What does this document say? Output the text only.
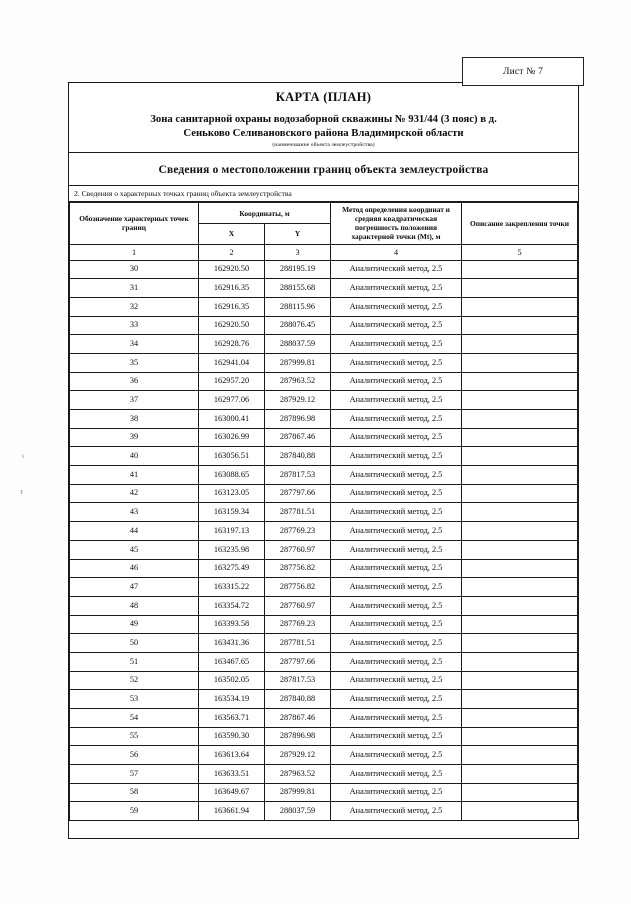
Лист № 7
КАРТА (ПЛАН)
Зона санитарной охраны водозаборной скважины № 931/44 (3 пояс) в д.
Сеньково Селивановского района Владимирской области
(наименование объекта землеустройства)
Сведения о местоположении границ объекта землеустройства
2. Сведения о характерных точках границ объекта землеустройства
Обозначение характерных точек границ	Координаты, м		Метод определения координат и средняя квадратическая погрешность положения характерной точки (Mt), м	Описание закрепления точки
	X	Y		
1	2	3	4	5
30	162920.50	288195.19	Аналитический метод, 2.5	
31	162916.35	288155.68	Аналитический метод, 2.5	
32	162916.35	288115.96	Аналитический метод, 2.5	
33	162920.50	288076.45	Аналитический метод, 2.5	
34	162928.76	288037.59	Аналитический метод, 2.5	
35	162941.04	287999.81	Аналитический метод, 2.5	
36	162957.20	287963.52	Аналитический метод, 2.5	
37	162977.06	287929.12	Аналитический метод, 2.5	
38	163000.41	287896.98	Аналитический метод, 2.5	
39	163026.99	287867.46	Аналитический метод, 2.5	
40	163056.51	287840.88	Аналитический метод, 2.5	
41	163088.65	287817.53	Аналитический метод, 2.5	
42	163123.05	287797.66	Аналитический метод, 2.5	
43	163159.34	287781.51	Аналитический метод, 2.5	
44	163197.13	287769.23	Аналитический метод, 2.5	
45	163235.98	287760.97	Аналитический метод, 2.5	
46	163275.49	287756.82	Аналитический метод, 2.5	
47	163315.22	287756.82	Аналитический метод, 2.5	
48	163354.72	287760.97	Аналитический метод, 2.5	
49	163393.58	287769.23	Аналитический метод, 2.5	
50	163431.36	287781.51	Аналитический метод, 2.5	
51	163467.65	287797.66	Аналитический метод, 2.5	
52	163502.05	287817.53	Аналитический метод, 2.5	
53	163534.19	287840.88	Аналитический метод, 2.5	
54	163563.71	287867.46	Аналитический метод, 2.5	
55	163590.30	287896.98	Аналитический метод, 2.5	
56	163613.64	287929.12	Аналитический метод, 2.5	
57	163633.51	287963.52	Аналитический метод, 2.5	
58	163649.67	287999.81	Аналитический метод, 2.5	
59	163661.94	288037.59	Аналитический метод, 2.5	
ı
т
